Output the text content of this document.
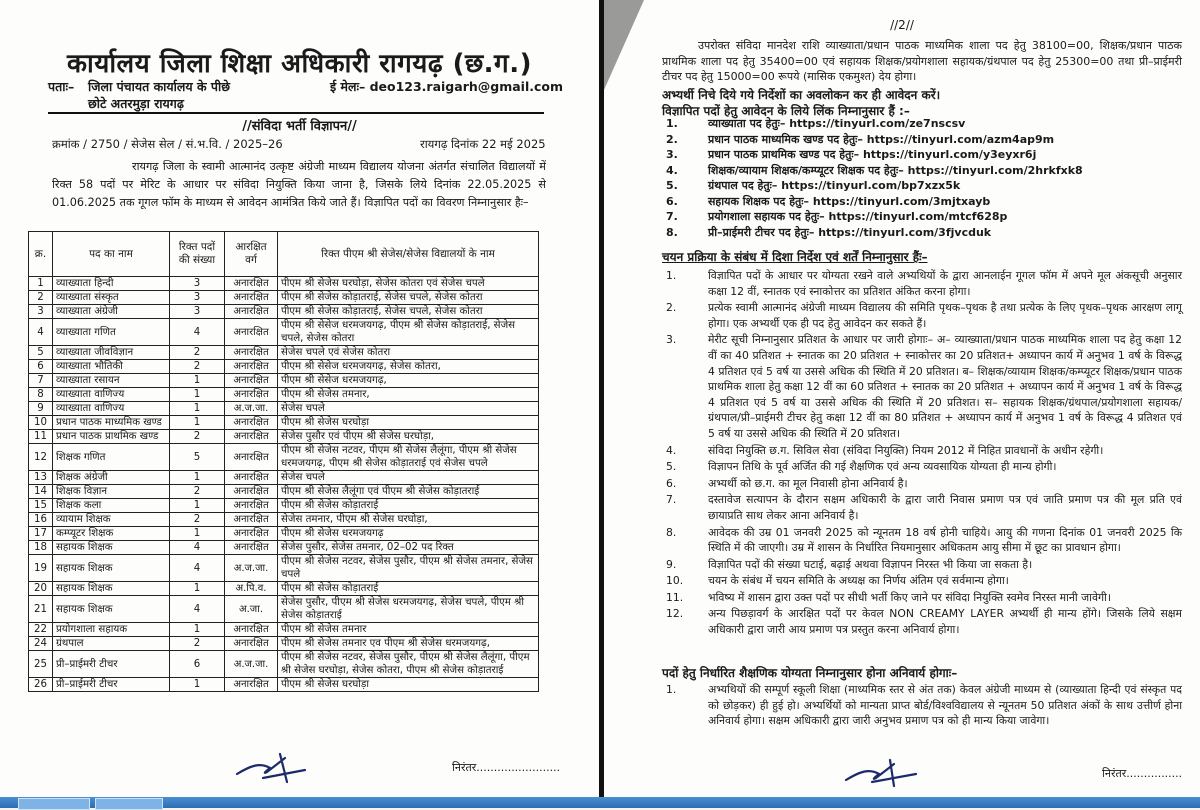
कार्यालय जिला शिक्षा अधिकारी रागयढ़ (छ.ग.)
पताः– जिला पंचायत कार्यालय के पीछे
छोटे अतरमुड़ा रायगढ़
ई मेलः– deo123.raigarh@gmail.com
//संविदा भर्ती विज्ञापन//
क्रमांक / 2750 / सेजेस सेल / सं.भ.वि. / 2025–26	रायगढ़ दिनांक 22 मई 2025
रायगढ़ जिला के स्वामी आत्मानंद उत्कृष्ट अंग्रेजी माध्यम विद्यालय योजना अंतर्गत संचालित विद्यालयों में रिक्त 58 पदों पर मेरिट के आधार पर संविदा नियुक्ति किया जाना है, जिसके लिये दिनांक 22.05.2025 से 01.06.2025 तक गूगल फॉम के माध्यम से आवेदन आमंत्रित किये जाते हैं। विज्ञापित पदों का विवरण निम्नानुसार हैः–
क्र.	पद का नाम	रिक्त पदों की संख्या	आरक्षित वर्ग	रिक्त पीएम श्री सेजेस/सेजेस विद्यालयों के नाम
1	व्याख्याता हिन्दी	3	अनारक्षित	पीएम श्री सेजेस घरघोड़ा, सेजेस कोतरा एवं सेजेस चपले
2	व्याख्याता संस्कृत	3	अनारक्षित	पीएम श्री सेजेस कोड़ातराई, सेजेस चपले, सेजेस कोतरा
3	व्याख्याता अंग्रेजी	3	अनारक्षित	पीएम श्री सेजेस कोड़ातराई, सेजेस चपले, सेजेस कोतरा
4	व्याख्याता गणित	4	अनारक्षित	पीएम श्री सेसेज धरमजयगढ़, पीएम श्री सेजेस कोड़ातराई, सेजेस चपले, सेजेस कोतरा
5	व्याख्याता जीवविज्ञान	2	अनारक्षित	सेजेस चपले एवं सेजेस कोतरा
6	व्याख्याता भौतिकी	2	अनारक्षित	पीएम श्री सेसेज धरमजयगढ़, सेजेस कोतरा,
7	व्याख्याता रसायन	1	अनारक्षित	पीएम श्री सेसेज धरमजयगढ़,
8	व्याख्याता वाणिज्य	1	अनारक्षित	पीएम श्री सेजेस तमनार,
9	व्याख्याता वाणिज्य	1	अ.ज.जा.	सेजेस चपले
10	प्रधान पाठक माध्यमिक खण्ड	1	अनारक्षित	पीएम श्री सेजेस घरघोड़ा
11	प्रधान पाठक प्राथमिक खण्ड	2	अनारक्षित	सेजेस पुसौर एवं पीएम श्री सेजेस घरघोड़ा,
12	शिक्षक गणित	5	अनारक्षित	पीएम श्री सेजेस नटवर, पीएम श्री सेजेस लैलूंगा, पीएम श्री सेजेस धरमजयगढ़, पीएम श्री सेजेस कोड़ातराई एवं सेजेस चपले
13	शिक्षक अंग्रेजी	1	अनारक्षित	सेजेस चपले
14	शिक्षक विज्ञान	2	अनारक्षित	पीएम श्री सेजेस लैलूंगा एवं पीएम श्री सेजेस कोड़ातराई
15	शिक्षक कला	1	अनारक्षित	पीएम श्री सेजेस कोड़ातराई
16	व्यायाम शिक्षक	2	अनारक्षित	सेजेस तमनार, पीएम श्री सेजेस घरघोड़ा,
17	कम्प्यूटर शिक्षक	1	अनारक्षित	पीएम श्री सेजेस धरमजयगढ़
18	सहायक शिक्षक	4	अनारक्षित	सेजेस पुसौर, सेजेस तमनार, 02–02 पद रिक्त
19	सहायक शिक्षक	4	अ.ज.जा.	पीएम श्री सेजेस नटवर, सेजेस पुसौर, पीएम श्री सेजेस तमनार, सेजेस चपले
20	सहायक शिक्षक	1	अ.पि.व.	पीएम श्री सेजेस कोड़ातराई
21	सहायक शिक्षक	4	अ.जा.	सेजेस पुसौर, पीएम श्री सेजेस धरमजयगढ़, सेजेस चपले, पीएम श्री सेजेस कोड़ातराई
22	प्रयोगशाला सहायक	1	अनारक्षित	पीएम श्री सेजेस तमनार
24	ग्रंथपाल	2	अनारक्षित	पीएम श्री सेजेस तमनार एव पीएम श्री सेजेस धरमजयगढ़,
25	प्री–प्राईमरी टीचर	6	अ.ज.जा.	पीएम श्री सेजेस नटवर, सेजेस पुसौर, पीएम श्री सेजेस लैलूंगा, पीएम श्री सेजेस घरघोड़ा, सेजेस कोतरा, पीएम श्री सेजेस कोड़ातराई
26	प्री–प्राईमरी टीचर	1	अनारक्षित	पीएम श्री सेजेस घरघोड़ा
निरंतर........................
//2//
उपरोक्त संविदा मानदेश राशि व्याख्याता/प्रधान पाठक माध्यमिक शाला पद हेतु 38100=00, शिक्षक/प्रधान पाठक प्राथमिक शाला पद हेतु 35400=00 एवं सहायक शिक्षक/प्रयोगशाला सहायक/ग्रंथपाल पद हेतु 25300=00 तथा प्री–प्राईमरी टीचर पद हेतु 15000=00 रूपये (मासिक एकमुश्त) देय होगा।
अभ्यर्थी निचे दिये गये निर्देशों का अवलोकन कर ही आवेदन करें।
विज्ञापित पदों हेतु आवेदन के लिये लिंक निम्नानुसार हैं :–
1.	व्याख्याता पद हेतुः– https://tinyurl.com/ze7nscsv
2.	प्रधान पाठक माध्यमिक खण्ड पद हेतुः– https://tinyurl.com/azm4ap9m
3.	प्रधान पाठक प्राथमिक खण्ड पद हेतुः– https://tinyurl.com/y3eyxr6j
4.	शिक्षक/व्यायाम शिक्षक/कम्प्यूटर शिक्षक पद हेतुः– https://tinyurl.com/2hrkfxk8
5.	ग्रंथपाल पद हेतुः– https://tinyurl.com/bp7xzx5k
6.	सहायक शिक्षक पद हेतुः– https://tinyurl.com/3mjtxayb
7.	प्रयोगशाला सहायक पद हेतुः– https://tinyurl.com/mtcf628p
8.	प्री–प्राईमरी टीचर पद हेतुः– https://tinyurl.com/3fjvcduk
चयन प्रक्रिया के संबंध में दिशा निर्देश एवं शर्तें निम्नानुसार हैंः–
1.	विज्ञापित पदों के आधार पर योग्यता रखने वाले अभ्यथियों के द्वारा आनलाईन गूगल फॉम में अपने मूल अंकसूची अनुसार कक्षा 12 वीं, स्नातक एवं स्नाकोत्तर का प्रतिशत अंकित करना होगा।
2.	प्रत्येक स्वामी आत्मानंद अंग्रेजी माध्यम विद्यालय की समिति पृथक–पृथक है तथा प्रत्येक के लिए पृथक–पृथक आरक्षण लागू होगा। एक अभ्यर्थी एक ही पद हेतु आवेदन कर सकते हैं।
3.	मेरीट सूची निम्नानुसार प्रतिशत के आधार पर जारी होगाः– अ– व्याख्याता/प्रधान पाठक माध्यमिक शाला पद हेतु कक्षा 12 वीं का 40 प्रतिशत + स्नातक का 20 प्रतिशत + स्नाकोत्तर का 20 प्रतिशत+ अध्यापन कार्य में अनुभव 1 वर्ष के विरूद्ध 4 प्रतिशत एवं 5 वर्ष या उससे अधिक की स्थिति में 20 प्रतिशत। ब– शिक्षक/व्यायाम शिक्षक/कम्प्यूटर शिक्षक/प्रधान पाठक प्राथमिक शाला हेतु कक्षा 12 वीं का 60 प्रतिशत + स्नातक का 20 प्रतिशत + अध्यापन कार्य में अनुभव 1 वर्ष के विरूद्ध 4 प्रतिशत एवं 5 वर्ष या उससे अधिक की स्थिति में 20 प्रतिशत। स– सहायक शिक्षक/ग्रंथपाल/प्रयोगशाला सहायक/ग्रंथपाल/प्री–प्राईमरी टीचर हेतु कक्षा 12 वीं का 80 प्रतिशत + अध्यापन कार्य में अनुभव 1 वर्ष के विरूद्ध 4 प्रतिशत एवं 5 वर्ष या उससे अधिक की स्थिति में 20 प्रतिशत।
4.	संविदा नियुक्ति छ.ग. सिविल सेवा (संविदा नियुक्ति) नियम 2012 में निहित प्रावधानों के अधीन रहेगी।
5.	विज्ञापन तिथि के पूर्व अर्जित की गई शैक्षणिक एवं अन्य व्यवसायिक योग्यता ही मान्य होगी।
6.	अभ्यर्थी को छ.ग. का मूल निवासी होना अनिवार्य है।
7.	दस्तावेज सत्यापन के दौरान सक्षम अधिकारी के द्वारा जारी निवास प्रमाण पत्र एवं जाति प्रमाण पत्र की मूल प्रति एवं छायाप्रति साथ लेकर आना अनिवार्य है।
8.	आवेदक की उम्र 01 जनवरी 2025 को न्यूनतम 18 वर्ष होनी चाहिये। आयु की गणना दिनांक 01 जनवरी 2025 कि स्थिति में की जाएगी। उम्र में शासन के निर्धारित नियमानुसार अधिकतम आयु सीमा में छूट का प्रावधान होगा।
9.	विज्ञापित पदों की संख्या घटाई, बढ़ाई अथवा विज्ञापन निरस्त भी किया जा सकता है।
10.	चयन के संबंध में चयन समिति के अध्यक्ष का निर्णय अंतिम एवं सर्वमान्य होगा।
11.	भविष्य में शासन द्वारा उक्त पदों पर सीधी भर्ती किए जाने पर संविदा नियुक्ति स्वमेव निरस्त मानी जावेगी।
12.	अन्य पिछड़ावर्ग के आरक्षित पदों पर केवल NON CREAMY LAYER अभ्यर्थी ही मान्य होंगे। जिसके लिये सक्षम अधिकारी द्वारा जारी आय प्रमाण पत्र प्रस्तुत करना अनिवार्य होगा।
पदों हेतु निर्धारित शैक्षणिक योग्यता निम्नानुसार होना अनिवार्य होगाः–
1.	अभ्यथियों की सम्पूर्ण स्कूली शिक्षा (माध्यमिक स्तर से अंत तक) केवल अंग्रेजी माध्यम से (व्याख्याता हिन्दी एवं संस्कृत पद को छोड़कर) ही हुई हो। अभ्यर्थियों को मान्यता प्राप्त बोर्ड/विश्वविद्यालय से न्यूनतम 50 प्रतिशत अंकों के साथ उत्तीर्ण होना अनिवार्य होगा। सक्षम अधिकारी द्वारा जारी अनुभव प्रमाण पत्र को ही मान्य किया जावेगा।
निरंतर................
